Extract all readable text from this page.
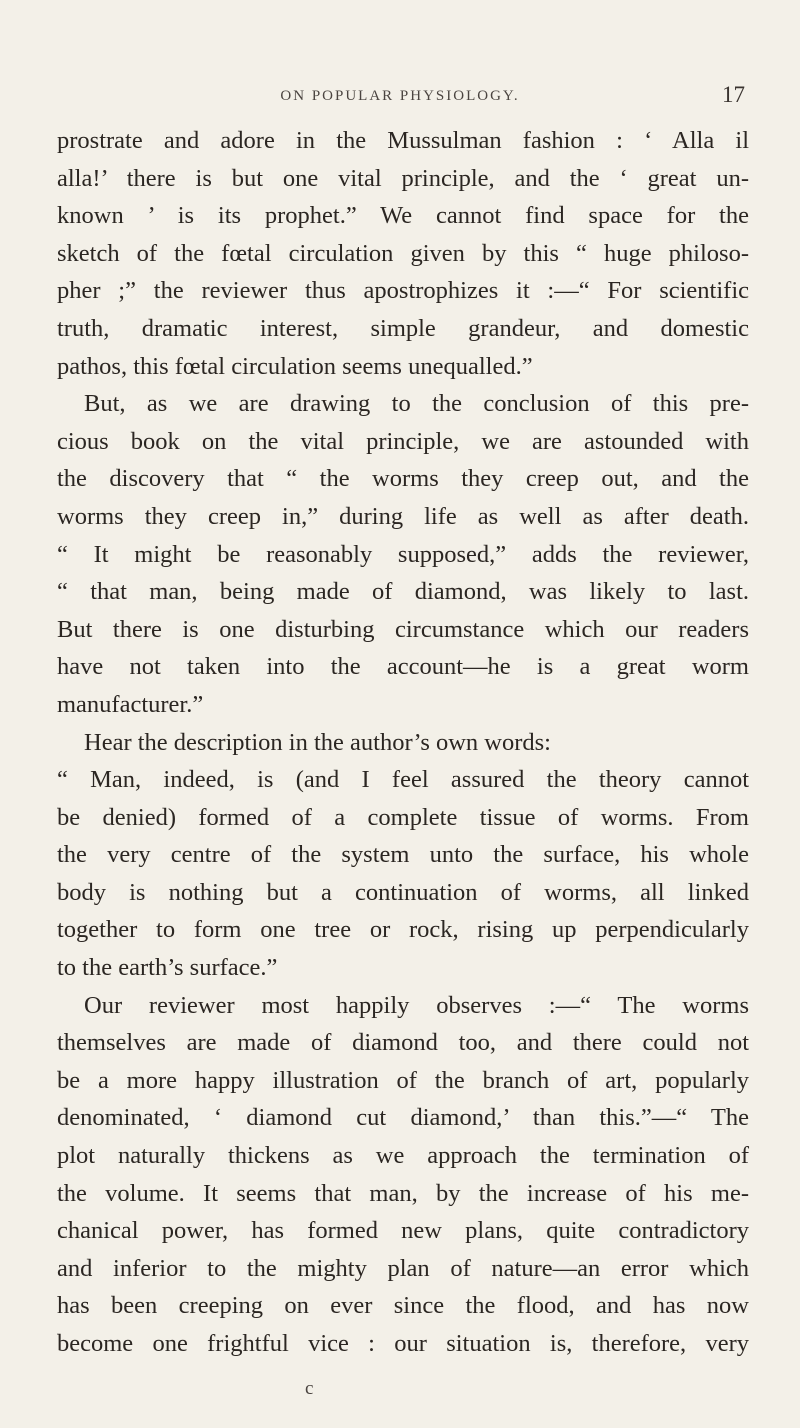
ON POPULAR PHYSIOLOGY.	17
prostrate and adore in the Mussulman fashion : ‘ Alla il
alla!’ there is but one vital principle, and the ‘ great un-
known ’ is its prophet.” We cannot find space for the
sketch of the fœtal circulation given by this “ huge philoso-
pher ;” the reviewer thus apostrophizes it :—“ For scientific
truth, dramatic interest, simple grandeur, and domestic
pathos, this fœtal circulation seems unequalled.”
But, as we are drawing to the conclusion of this pre-
cious book on the vital principle, we are astounded with
the discovery that “ the worms they creep out, and the
worms they creep in,” during life as well as after death.
“ It might be reasonably supposed,” adds the reviewer,
“ that man, being made of diamond, was likely to last.
But there is one disturbing circumstance which our readers
have not taken into the account—he is a great worm
manufacturer.”
Hear the description in the author’s own words:
“ Man, indeed, is (and I feel assured the theory cannot
be denied) formed of a complete tissue of worms. From
the very centre of the system unto the surface, his whole
body is nothing but a continuation of worms, all linked
together to form one tree or rock, rising up perpendicularly
to the earth’s surface.”
Our reviewer most happily observes :—“ The worms
themselves are made of diamond too, and there could not
be a more happy illustration of the branch of art, popularly
denominated, ‘ diamond cut diamond,’ than this.”—“ The
plot naturally thickens as we approach the termination of
the volume. It seems that man, by the increase of his me-
chanical power, has formed new plans, quite contradictory
and inferior to the mighty plan of nature—an error which
has been creeping on ever since the flood, and has now
become one frightful vice : our situation is, therefore, very
c
